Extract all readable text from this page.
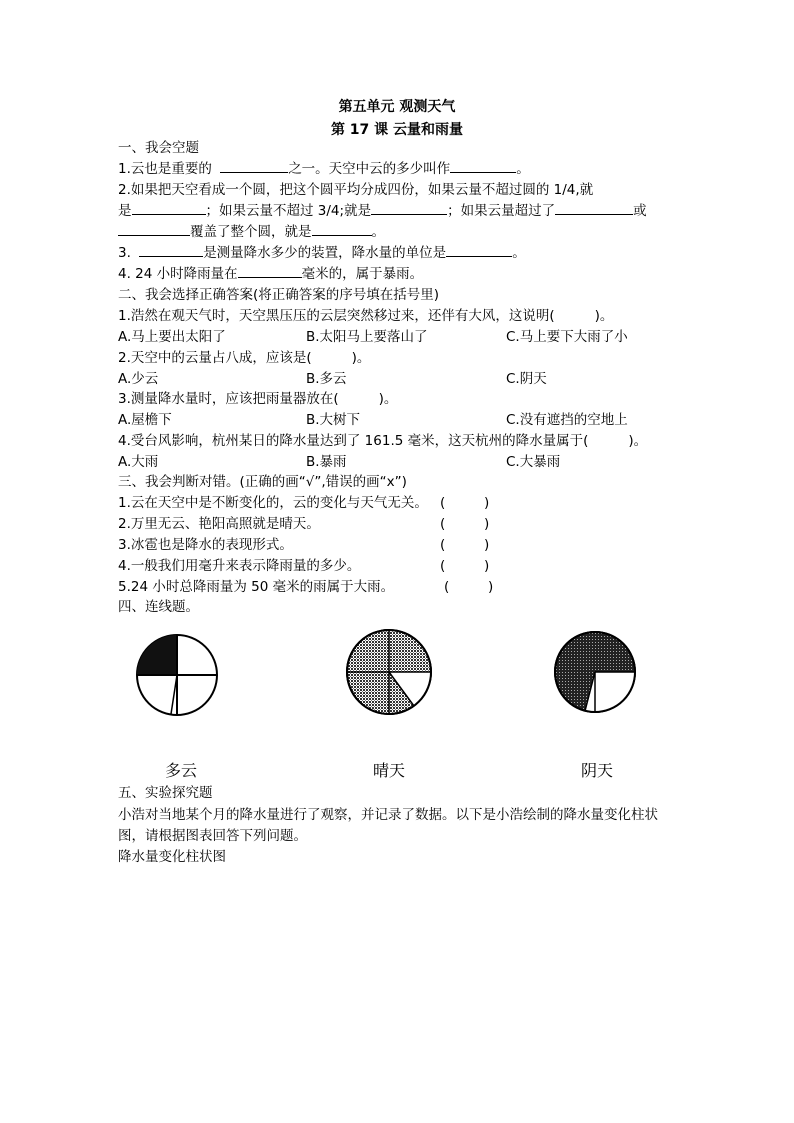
第五单元 观测天气
第 17 课 云量和雨量
一、我会空题
1.云也是重要的	之一。天空中云的多少叫作	。
2.如果把天空看成一个圆，把这个圆平均分成四份，如果云量不超过圆的 1/4,就
是	；如果云量不超过 3/4;就是	；如果云量超过了	或
覆盖了整个圆，就是	。
3.	是测量降水多少的装置，降水量的单位是	。
4. 24 小时降雨量在	毫米的，属于暴雨。
二、我会选择正确答案(将正确答案的序号填在括号里)
1.浩然在观天气时，天空黑压压的云层突然移过来，还伴有大风，这说明(	)。
A.马上要出太阳了	B.太阳马上要落山了	C.马上要下大雨了小
2.天空中的云量占八成，应该是(	)。
A.少云	B.多云	C.阴天
3.测量降水量时，应该把雨量器放在(	)。
A.屋檐下	B.大树下	C.没有遮挡的空地上
4.受台风影响，杭州某日的降水量达到了 161.5 毫米，这天杭州的降水量属于(	)。
A.大雨	B.暴雨	C.大暴雨
三、我会判断对错。(正确的画“√”,错误的画“x”)
1.云在天空中是不断变化的，云的变化与天气无关。 (	)
2.万里无云、艳阳高照就是晴天。	(	)
3.冰雹也是降水的表现形式。	(	)
4.一般我们用毫升来表示降雨量的多少。	(	)
5.24 小时总降雨量为 50 毫米的雨属于大雨。	(	)
四、连线题。
多云	晴天	阴天
五、实验探究题
小浩对当地某个月的降水量进行了观察，并记录了数据。以下是小浩绘制的降水量变化柱状
图，请根据图表回答下列问题。
降水量变化柱状图
